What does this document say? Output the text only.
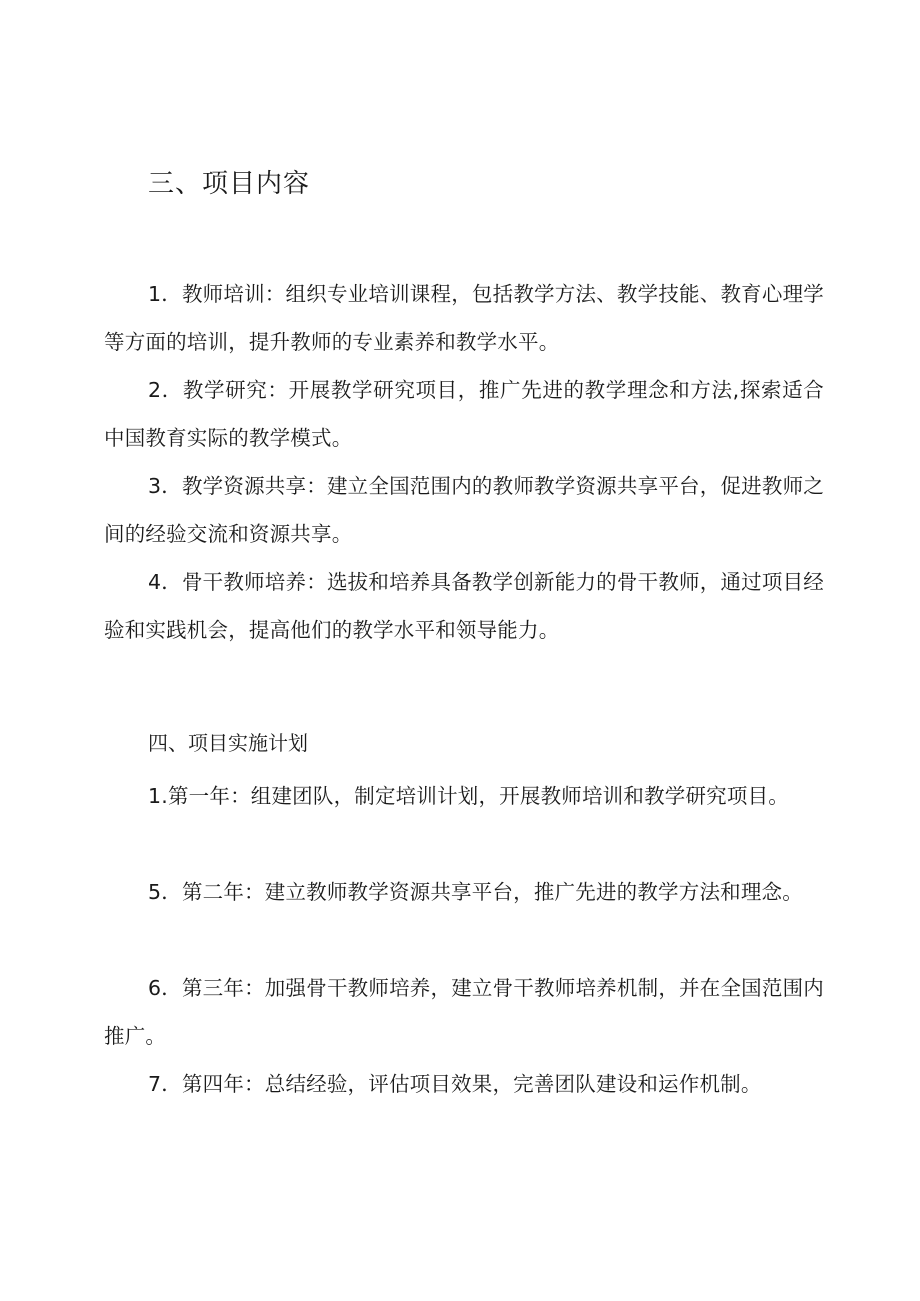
三、项目内容

1．教师培训：组织专业培训课程，包括教学方法、教学技能、教育心理学等方面的培训，提升教师的专业素养和教学水平。

2．教学研究：开展教学研究项目，推广先进的教学理念和方法,探索适合中国教育实际的教学模式。

3．教学资源共享：建立全国范围内的教师教学资源共享平台，促进教师之间的经验交流和资源共享。

4．骨干教师培养：选拔和培养具备教学创新能力的骨干教师，通过项目经验和实践机会，提高他们的教学水平和领导能力。

四、项目实施计划

1.第一年：组建团队，制定培训计划，开展教师培训和教学研究项目。

5．第二年：建立教师教学资源共享平台，推广先进的教学方法和理念。

6．第三年：加强骨干教师培养，建立骨干教师培养机制，并在全国范围内推广。

7．第四年：总结经验，评估项目效果，完善团队建设和运作机制。
